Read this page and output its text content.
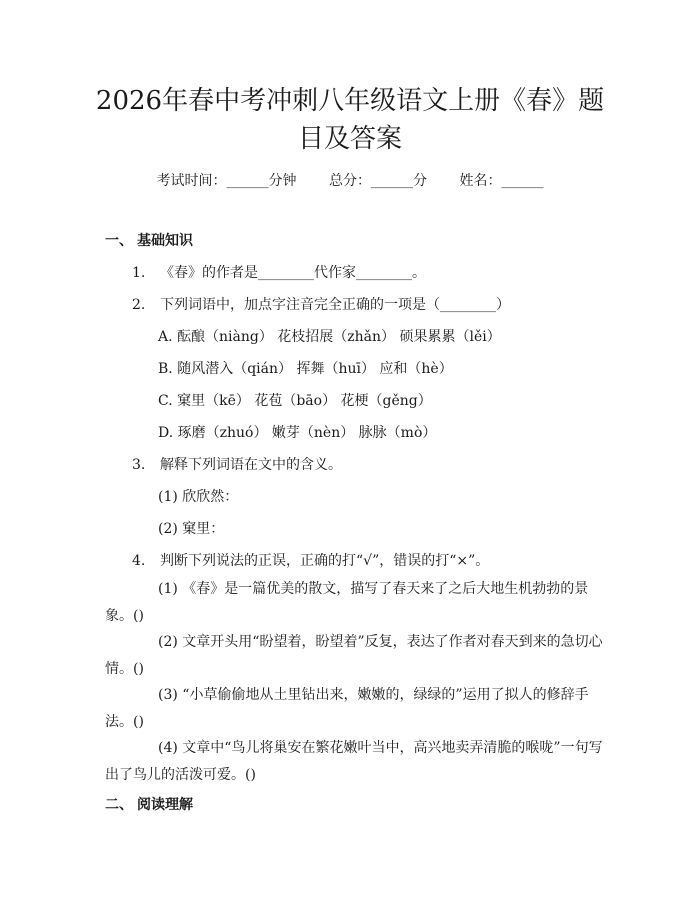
2026年春中考冲刺八年级语文上册《春》题
目及答案
考试时间：______分钟 总分：______分 姓名：______
一、 基础知识
1. 《春》的作者是________代作家________。
2. 下列词语中，加点字注音完全正确的一项是（________）
A. 酝酿（niàng） 花枝招展（zhǎn） 硕果累累（lěi）
B. 随风潜入（qián） 挥舞（huī） 应和（hè）
C. 窠里（kē） 花苞（bāo） 花梗（gěng）
D. 琢磨（zhuó） 嫩芽（nèn） 脉脉（mò）
3. 解释下列词语在文中的含义。
(1) 欣欣然：
(2) 窠里：
4. 判断下列说法的正误，正确的打“√”，错误的打“×”。
(1) 《春》是一篇优美的散文，描写了春天来了之后大地生机勃勃的景象。()
(2) 文章开头用“盼望着，盼望着”反复，表达了作者对春天到来的急切心情。()
(3) “小草偷偷地从土里钻出来，嫩嫩的，绿绿的”运用了拟人的修辞手法。()
(4) 文章中“鸟儿将巢安在繁花嫩叶当中，高兴地卖弄清脆的喉咙”一句写出了鸟儿的活泼可爱。()
二、 阅读理解
